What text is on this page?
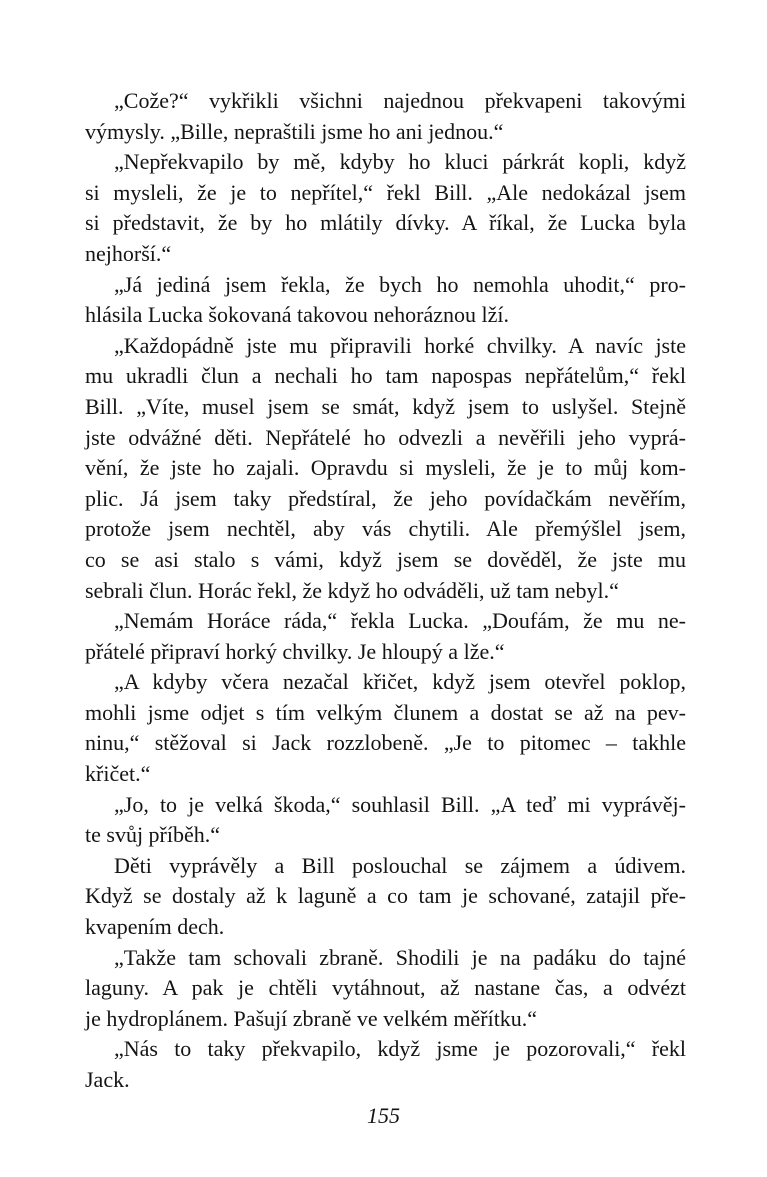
„Cože?“ vykřikli všichni najednou překvapeni takovými
výmysly. „Bille, nepraštili jsme ho ani jednou.“

„Nepřekvapilo by mě, kdyby ho kluci párkrát kopli, když
si mysleli, že je to nepřítel,“ řekl Bill. „Ale nedokázal jsem
si představit, že by ho mlátily dívky. A říkal, že Lucka byla
nejhorší.“

„Já jediná jsem řekla, že bych ho nemohla uhodit,“ pro-
hlásila Lucka šokovaná takovou nehoráznou lží.

„Každopádně jste mu připravili horké chvilky. A navíc jste
mu ukradli člun a nechali ho tam napospas nepřátelům,“ řekl
Bill. „Víte, musel jsem se smát, když jsem to uslyšel. Stejně
jste odvážné děti. Nepřátelé ho odvezli a nevěřili jeho vyprá-
vění, že jste ho zajali. Opravdu si mysleli, že je to můj kom-
plic. Já jsem taky předstíral, že jeho povídačkám nevěřím,
protože jsem nechtěl, aby vás chytili. Ale přemýšlel jsem,
co se asi stalo s vámi, když jsem se dověděl, že jste mu
sebrali člun. Horác řekl, že když ho odváděli, už tam nebyl.“

„Nemám Horáce ráda,“ řekla Lucka. „Doufám, že mu ne-
přátelé připraví horký chvilky. Je hloupý a lže.“

„A kdyby včera nezačal křičet, když jsem otevřel poklop,
mohli jsme odjet s tím velkým člunem a dostat se až na pev-
ninu,“ stěžoval si Jack rozzlobeně. „Je to pitomec – takhle
křičet.“

„Jo, to je velká škoda,“ souhlasil Bill. „A teď mi vyprávěj-
te svůj příběh.“

Děti vyprávěly a Bill poslouchal se zájmem a údivem.
Když se dostaly až k laguně a co tam je schované, zatajil pře-
kvapením dech.

„Takže tam schovali zbraně. Shodili je na padáku do tajné
laguny. A pak je chtěli vytáhnout, až nastane čas, a odvézt
je hydroplánem. Pašují zbraně ve velkém měřítku.“

„Nás to taky překvapilo, když jsme je pozorovali,“ řekl
Jack.

155
